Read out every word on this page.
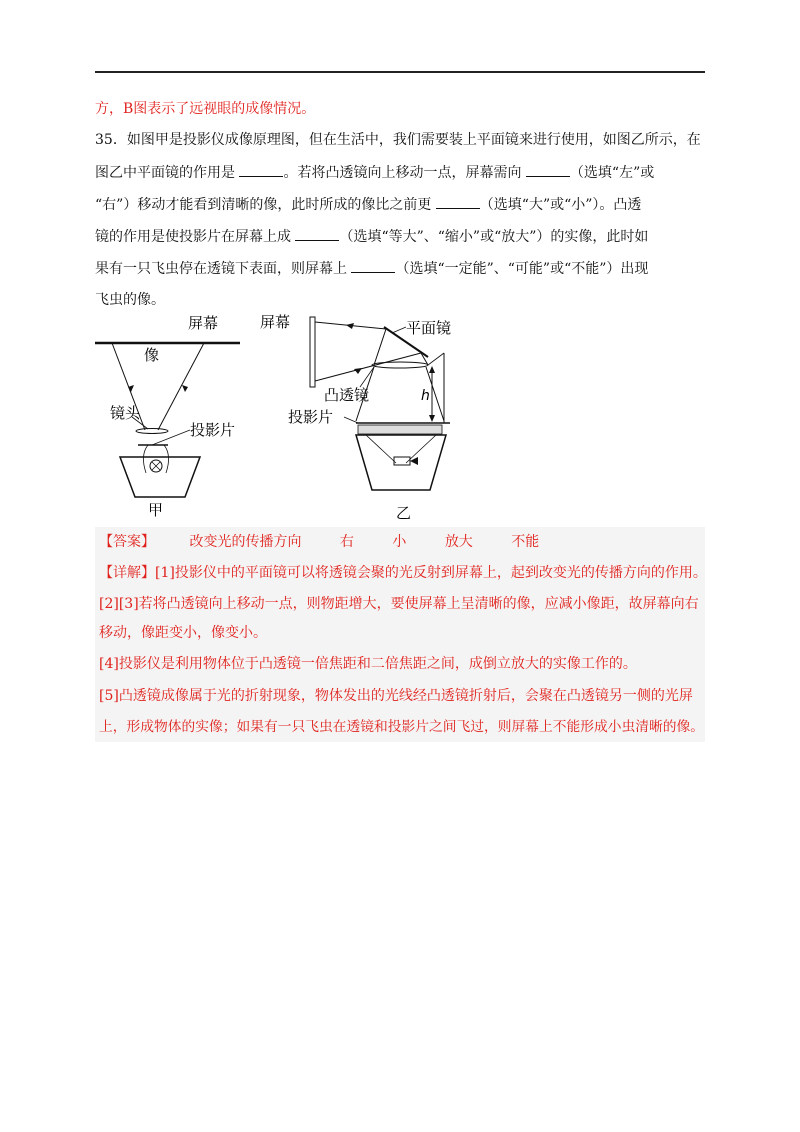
方，B图表示了远视眼的成像情况。
35．如图甲是投影仪成像原理图，但在生活中，我们需要装上平面镜来进行使用，如图乙所示，在
图乙中平面镜的作用是	。若将凸透镜向上移动一点，屏幕需向	（选填“左”或
“右”）移动才能看到清晰的像，此时所成的像比之前更	（选填“大”或“小”）。凸透
镜的作用是使投影片在屏幕上成	（选填“等大”、“缩小”或“放大”）的实像，此时如
果有一只飞虫停在透镜下表面，则屏幕上	（选填“一定能”、“可能”或“不能”）出现
飞虫的像。
屏幕
像
镜头
投影片
甲
屏幕	平面镜
凸透镜	h
投影片
乙
【答案】 改变光的传播方向	右	小	放大	不能
【详解】[1]投影仪中的平面镜可以将透镜会聚的光反射到屏幕上，起到改变光的传播方向的作用。
[2][3]若将凸透镜向上移动一点，则物距增大，要使屏幕上呈清晰的像，应减小像距，故屏幕向右
移动，像距变小，像变小。
[4]投影仪是利用物体位于凸透镜一倍焦距和二倍焦距之间，成倒立放大的实像工作的。
[5]凸透镜成像属于光的折射现象，物体发出的光线经凸透镜折射后，会聚在凸透镜另一侧的光屏
上，形成物体的实像；如果有一只飞虫在透镜和投影片之间飞过，则屏幕上不能形成小虫清晰的像。
